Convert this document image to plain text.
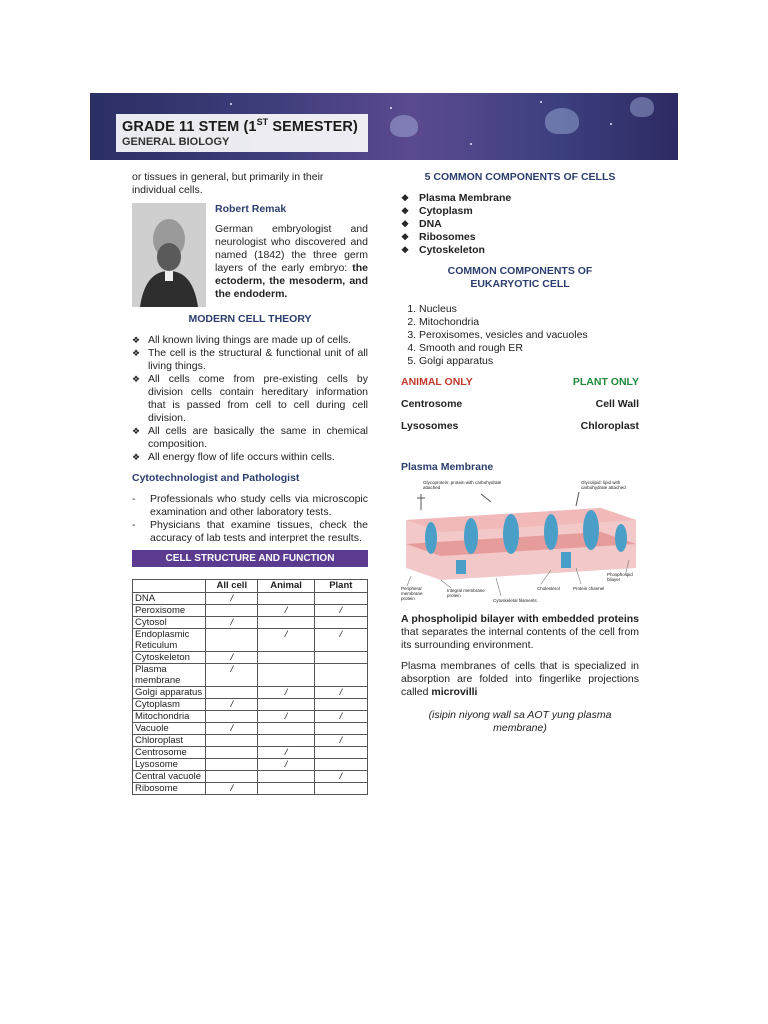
GRADE 11 STEM (1ST SEMESTER)
GENERAL BIOLOGY

or tissues in general, but primarily in their individual cells.

Robert Remak
German embryologist and neurologist who discovered and named (1842) the three germ layers of the early embryo: the ectoderm, the mesoderm, and the endoderm.
MODERN CELL THEORY
❖ All known living things are made up of cells.
❖ The cell is the structural & functional unit of all living things.
❖ All cells come from pre-existing cells by division cells contain hereditary information that is passed from cell to cell during cell division.
❖ All cells are basically the same in chemical composition.
❖ All energy flow of life occurs within cells.
Cytotechnologist and Pathologist
- Professionals who study cells via microscopic examination and other laboratory tests.
- Physicians that examine tissues, check the accuracy of lab tests and interpret the results.
CELL STRUCTURE AND FUNCTION
	All cell	Animal	Plant
DNA	/		
Peroxisome		/	/
Cytosol	/		
Endoplasmic Reticulum		/	/
Cytoskeleton	/		
Plasma membrane	/		
Golgi apparatus		/	/
Cytoplasm	/		
Mitochondria		/	/
Vacuole	/		
Chloroplast			/
Centrosome		/	
Lysosome		/	
Central vacuole			/
Ribosome	/		
5 COMMON COMPONENTS OF CELLS
❖ Plasma Membrane
❖ Cytoplasm
❖ DNA
❖ Ribosomes
❖ Cytoskeleton
COMMON COMPONENTS OF EUKARYOTIC CELL
1. Nucleus
2. Mitochondria
3. Peroxisomes, vesicles and vacuoles
4. Smooth and rough ER
5. Golgi apparatus
ANIMAL ONLY	PLANT ONLY
Centrosome	Cell Wall
Lysosomes	Chloroplast
Plasma Membrane
Glycoprotein: protein with carbohydrate attached
Glycolipid: lipid with carbohydrate attached
Peripheral membrane protein
Integral membrane protein
Cholesterol	Protein channel
Phospholipid bilayer
Cytoskeletal filaments

A phospholipid bilayer with embedded proteins that separates the internal contents of the cell from its surrounding environment.

Plasma membranes of cells that is specialized in absorption are folded into fingerlike projections called microvilli

(isipin niyong wall sa AOT yung plasma membrane)
